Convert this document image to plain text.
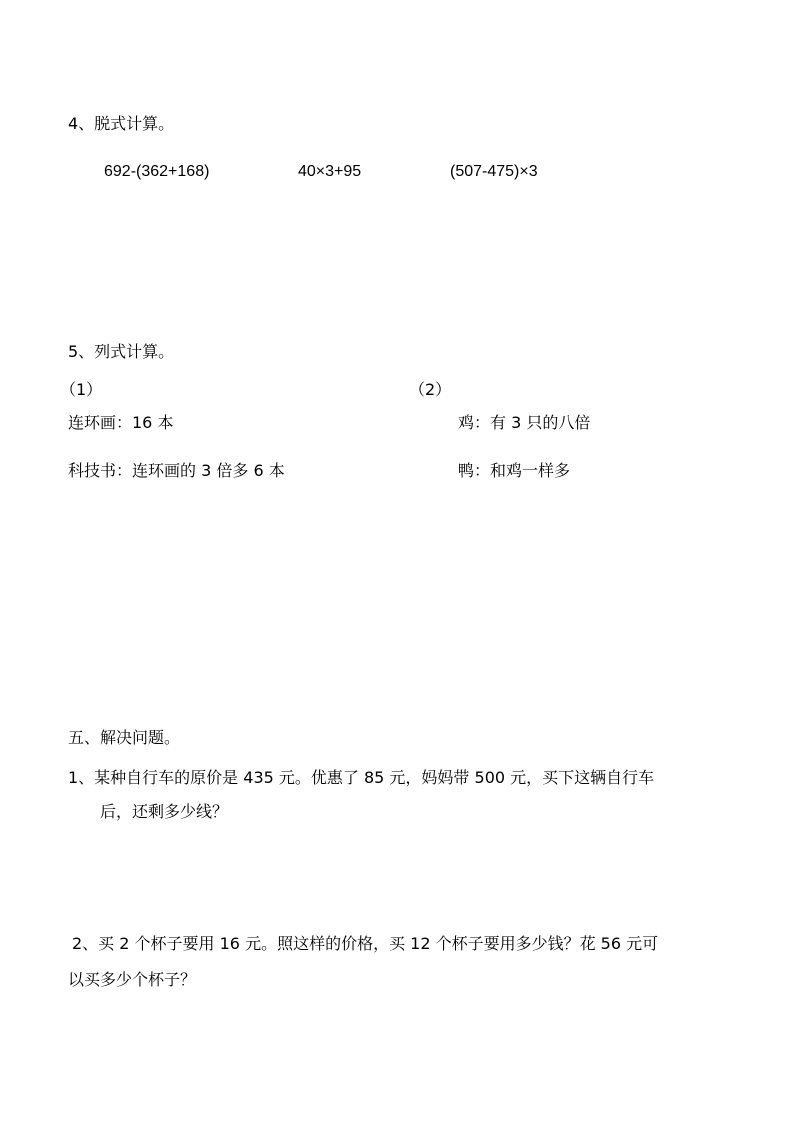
4、脱式计算。
692-(362+168)	40×3+95	(507-475)×3
5、列式计算。
（1）
连环画：16 本
科技书：连环画的 3 倍多 6 本
（2）
鸡：有 3 只的八倍
鸭：和鸡一样多
五、解决问题。
1、某种自行车的原价是 435 元。优惠了 85 元，妈妈带 500 元，买下这辆自行车
后，还剩多少线？
2、买 2 个杯子要用 16 元。照这样的价格，买 12 个杯子要用多少钱？花 56 元可
以买多少个杯子？
